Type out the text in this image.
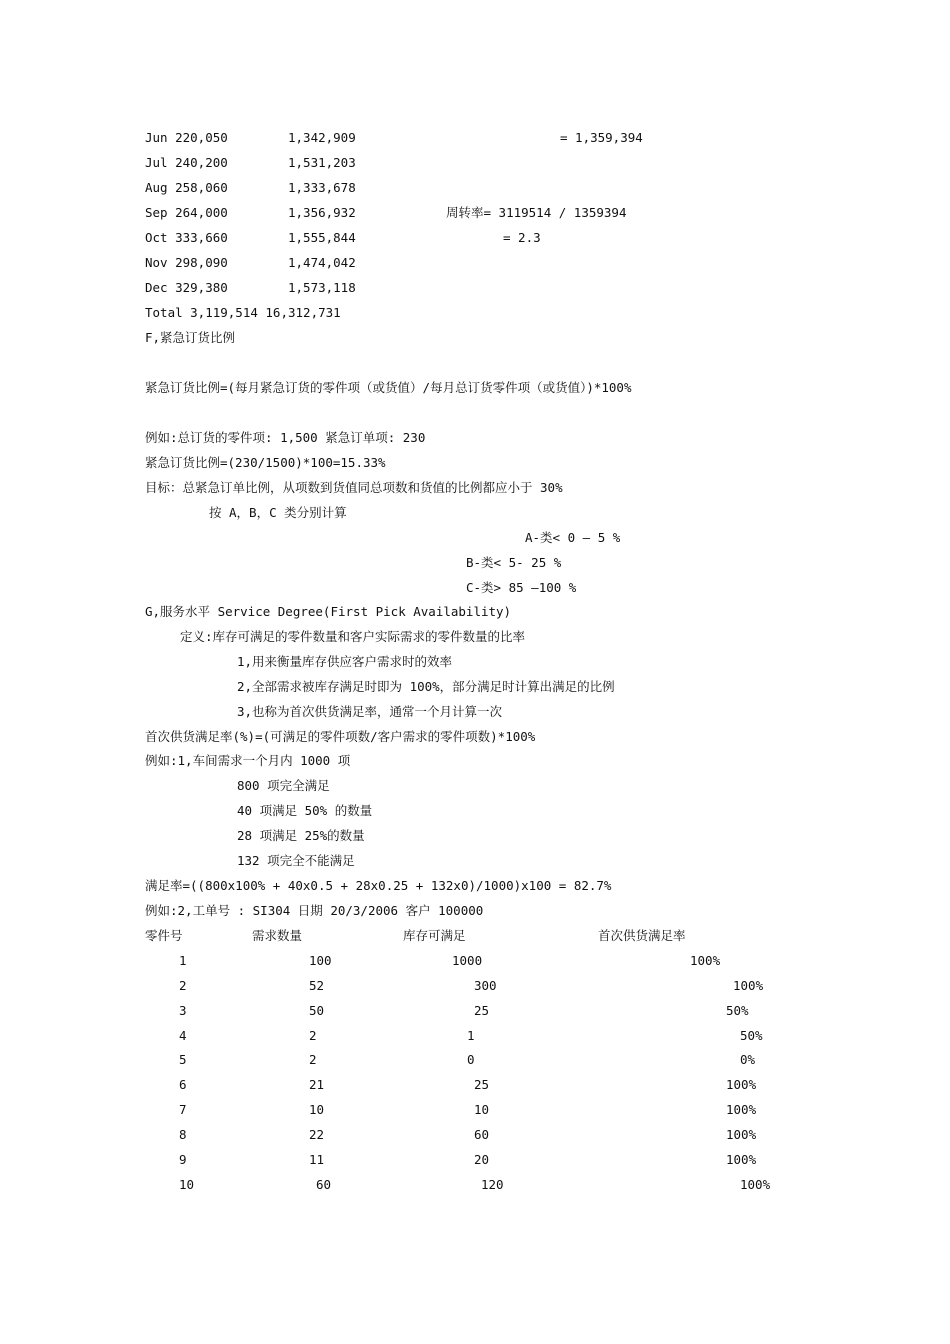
Jun 220,050	1,342,909	= 1,359,394
Jul 240,200	1,531,203
Aug 258,060	1,333,678
Sep 264,000	1,356,932	周转率= 3119514 / 1359394
Oct 333,660	1,555,844	= 2.3
Nov 298,090	1,474,042
Dec 329,380	1,573,118
Total 3,119,514 16,312,731
F,紧急订货比例
紧急订货比例=(每月紧急订货的零件项（或货值）/每月总订货零件项（或货值）)*100%
例如:总订货的零件项: 1,500 紧急订单项: 230
紧急订货比例=(230/1500)*100=15.33%
目标：总紧急订单比例，从项数到货值同总项数和货值的比例都应小于 30%
按 A，B，C 类分别计算
A-类< 0 – 5 %
B-类< 5- 25 %
C-类> 85 –100 %
G,服务水平 Service Degree(First Pick Availability)
定义:库存可满足的零件数量和客户实际需求的零件数量的比率
1,用来衡量库存供应客户需求时的效率
2,全部需求被库存满足时即为 100%，部分满足时计算出满足的比例
3,也称为首次供货满足率，通常一个月计算一次
首次供货满足率(%)=(可满足的零件项数/客户需求的零件项数)*100%
例如:1,车间需求一个月内 1000 项
800 项完全满足
40 项满足 50% 的数量
28 项满足 25%的数量
132 项完全不能满足
满足率=((800x100% + 40x0.5 + 28x0.25 + 132x0)/1000)x100 = 82.7%
例如:2,工单号 : SI304 日期 20/3/2006 客户 100000
零件号	需求数量	库存可满足	首次供货满足率
1	100	1000	100%
2	52	300	100%
3	50	25	50%
4	2	1	50%
5	2	0	0%
6	21	25	100%
7	10	10	100%
8	22	60	100%
9	11	20	100%
10	60	120	100%
